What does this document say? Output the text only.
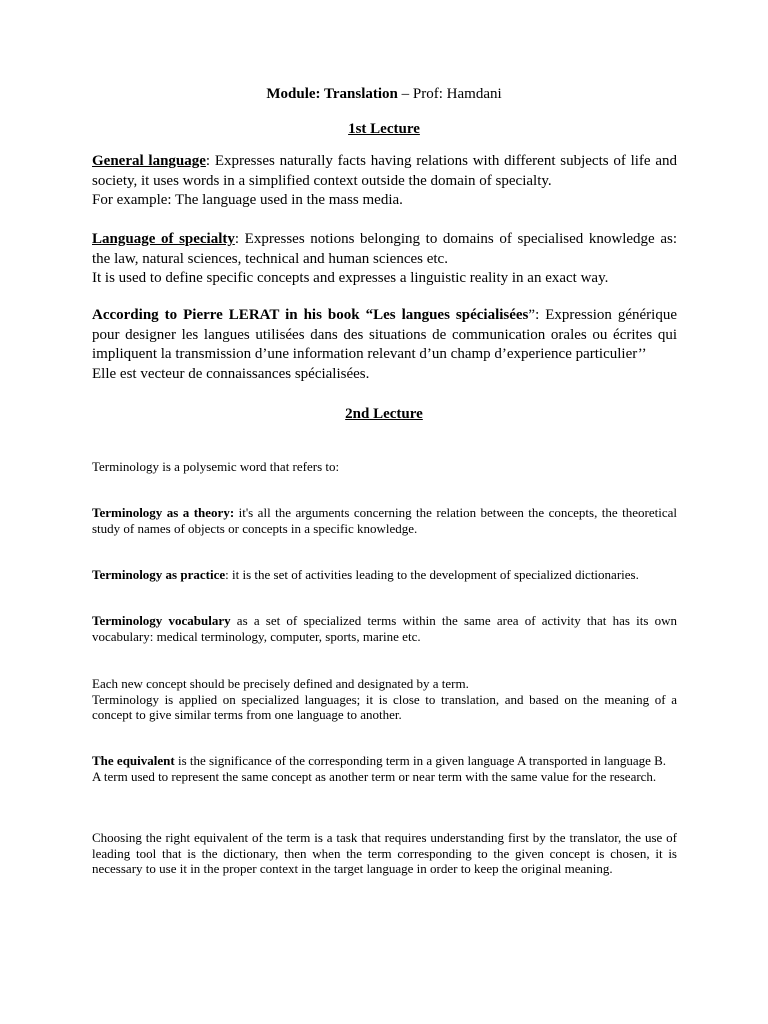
Module: Translation – Prof: Hamdani
1st Lecture

General language: Expresses naturally facts having relations with different subjects of life and society, it uses words in a simplified context outside the domain of specialty.

For example: The language used in the mass media.

Language of specialty: Expresses notions belonging to domains of specialised knowledge as: the law, natural sciences, technical and human sciences etc.

It is used to define specific concepts and expresses a linguistic reality in an exact way.

According to Pierre LERAT in his book “Les langues spécialisées”: Expression générique pour designer les langues utilisées dans des situations de communication orales ou écrites qui impliquent la transmission d’une information relevant d’un champ d’experience particulier’’

Elle est vecteur de connaissances spécialisées.

2nd Lecture
Terminology is a polysemic word that refers to:
Terminology as a theory: it's all the arguments concerning the relation between the concepts, the theoretical study of names of objects or concepts in a specific knowledge.
Terminology as practice: it is the set of activities leading to the development of specialized dictionaries.
Terminology vocabulary as a set of specialized terms within the same area of activity that has its own vocabulary: medical terminology, computer, sports, marine etc.

Each new concept should be precisely defined and designated by a term.

Terminology is applied on specialized languages; it is close to translation, and based on the meaning of a concept to give similar terms from one language to another.

The equivalent is the significance of the corresponding term in a given language A transported in language B.

A term used to represent the same concept as another term or near term with the same value for the research.

Choosing the right equivalent of the term is a task that requires understanding first by the translator, the use of leading tool that is the dictionary, then when the term corresponding to the given concept is chosen, it is necessary to use it in the proper context in the target language in order to keep the original meaning.
